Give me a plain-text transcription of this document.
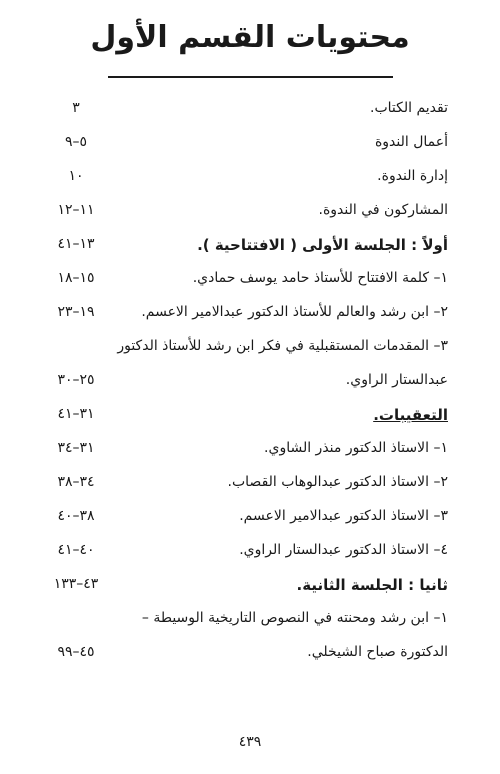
محتويات القسم الأول
تقديم الكتاب.
٣
أعمال الندوة
٥–٩
إدارة الندوة.
١٠
المشاركون في الندوة.
١١–١٢
أولاً : الجلسة الأولى ( الافتتاحية ).
١٣–٤١
١– كلمة الافتتاح للأستاذ حامد يوسف حمادي.
١٥–١٨
٢– ابن رشد والعالم للأستاذ الدكتور عبدالامير الاعسم.
١٩–٢٣
٣– المقدمات المستقبلية في فكر ابن رشد للأستاذ الدكتور
عبدالستار الراوي.
٢٥–٣٠
التعقيبات.
٣١–٤١
١– الاستاذ الدكتور منذر الشاوي.
٣١–٣٤
٢– الاستاذ الدكتور عبدالوهاب القصاب.
٣٤–٣٨
٣– الاستاذ الدكتور عبدالامير الاعسم.
٣٨–٤٠
٤– الاستاذ الدكتور عبدالستار الراوي.
٤٠–٤١
ثانيا : الجلسة الثانية.
٤٣–١٣٣
١– ابن رشد ومحنته في النصوص التاريخية الوسيطة –
الدكتورة صباح الشيخلي.
٤٥–٩٩
٤٣٩
